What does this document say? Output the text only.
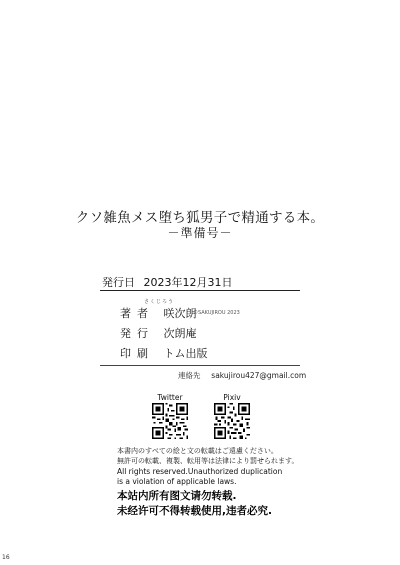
クソ雑魚メス堕ち狐男子で精通する本。
－準備号－
発行日 2023年12月31日
さくじろう
著者 咲次朗
©SAKUJIROU 2023
発行 次朗庵
印刷 トム出版
連絡先 sakujirou427@gmail.com
Twitter	Pixiv
本書内のすべての絵と文の転載はご遠慮ください。
無許可の転載、複製、転用等は法律により罰せられます。
All rights reserved.Unauthorized duplication
is a violation of applicable laws.
本站内所有图文请勿转载.
未经许可不得转载使用,违者必究.
16
